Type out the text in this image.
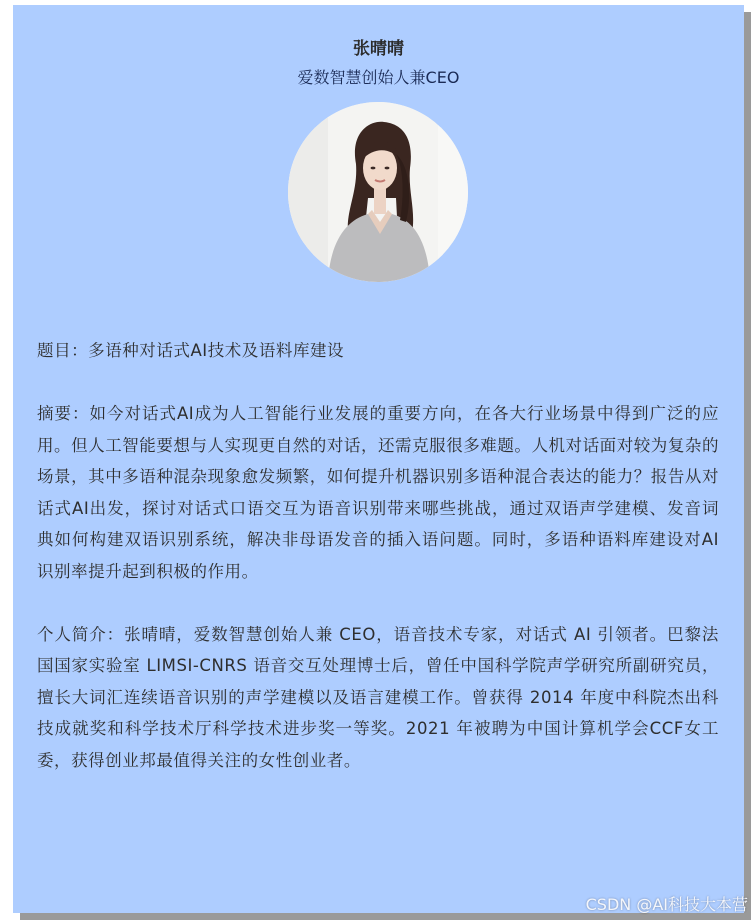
张晴晴
爱数智慧创始人兼CEO

题目：多语种对话式AI技术及语料库建设

摘要：如今对话式AI成为人工智能行业发展的重要方向，在各大行业场景中得到广泛的应用。但人工智能要想与人实现更自然的对话，还需克服很多难题。人机对话面对较为复杂的场景，其中多语种混杂现象愈发频繁，如何提升机器识别多语种混合表达的能力？报告从对话式AI出发，探讨对话式口语交互为语音识别带来哪些挑战，通过双语声学建模、发音词典如何构建双语识别系统，解决非母语发音的插入语问题。同时，多语种语料库建设对AI识别率提升起到积极的作用。

个人简介：张晴晴，爱数智慧创始人兼 CEO，语音技术专家，对话式 AI 引领者。巴黎法国国家实验室 LIMSI-CNRS 语音交互处理博士后，曾任中国科学院声学研究所副研究员，擅长大词汇连续语音识别的声学建模以及语言建模工作。曾获得 2014 年度中科院杰出科技成就奖和科学技术厅科学技术进步奖一等奖。2021 年被聘为中国计算机学会CCF女工委，获得创业邦最值得关注的女性创业者。

CSDN @AI科技大本营
